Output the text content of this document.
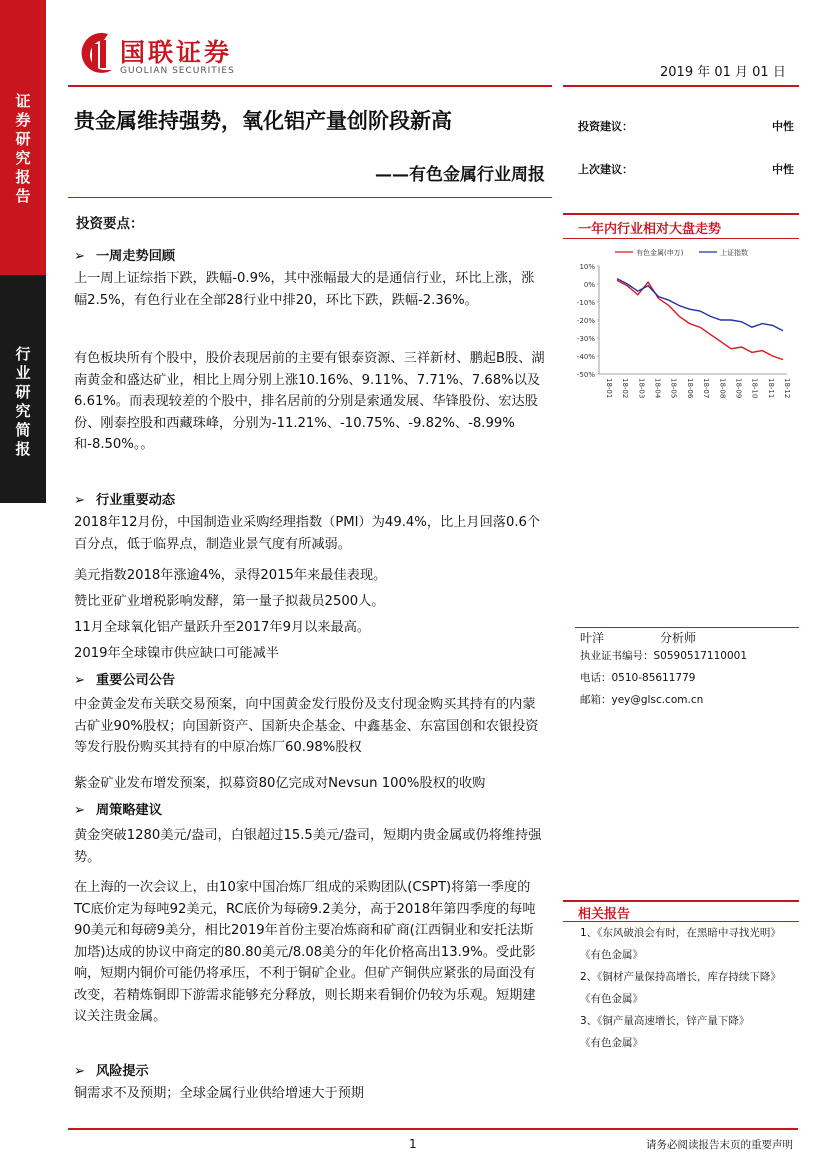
证
券
研
究
报
告
行
业
研
究
简
报
国联证券
GUOLIAN SECURITIES	2019 年 01 月 01 日
贵金属维持强势，氧化铝产量创阶段新高
——有色金属行业周报
投资建议：	中性
上次建议：	中性
投资要点：
➢ 一周走势回顾
上一周上证综指下跌，跌幅-0.9%，其中涨幅最大的是通信行业，环比上涨，涨幅2.5%，有色行业在全部28行业中排20，环比下跌，跌幅-2.36%。
有色板块所有个股中，股价表现居前的主要有银泰资源、三祥新材、鹏起B股、湖南黄金和盛达矿业，相比上周分别上涨10.16%、9.11%、7.71%、7.68%以及6.61%。而表现较差的个股中，排名居前的分别是索通发展、华锋股份、宏达股份、刚泰控股和西藏珠峰，分别为-11.21%、-10.75%、-9.82%、-8.99%和-8.50%。。
➢ 行业重要动态
2018年12月份，中国制造业采购经理指数（PMI）为49.4%，比上月回落0.6个百分点，低于临界点，制造业景气度有所减弱。
美元指数2018年涨逾4%，录得2015年来最佳表现。
赞比亚矿业增税影响发酵，第一量子拟裁员2500人。
11月全球氧化铝产量跃升至2017年9月以来最高。
2019年全球镍市供应缺口可能减半
➢ 重要公司公告
中金黄金发布关联交易预案，向中国黄金发行股份及支付现金购买其持有的内蒙古矿业90%股权；向国新资产、国新央企基金、中鑫基金、东富国创和农银投资等发行股份购买其持有的中原冶炼厂60.98%股权
紫金矿业发布增发预案，拟募资80亿完成对Nevsun 100%股权的收购
➢ 周策略建议
黄金突破1280美元/盎司，白银超过15.5美元/盎司，短期内贵金属或仍将维持强势。
在上海的一次会议上，由10家中国冶炼厂组成的采购团队(CSPT)将第一季度的TC底价定为每吨92美元，RC底价为每磅9.2美分，高于2018年第四季度的每吨90美元和每磅9美分，相比2019年首份主要冶炼商和矿商(江西铜业和安托法斯加塔)达成的协议中商定的80.80美元/8.08美分的年化价格高出13.9%。受此影响，短期内铜价可能仍将承压，不利于铜矿企业。但矿产铜供应紧张的局面没有改变，若精炼铜即下游需求能够充分释放，则长期来看铜价仍较为乐观。短期建议关注贵金属。
➢ 风险提示
铜需求不及预期；全球金属行业供给增速大于预期
一年内行业相对大盘走势
10%
0%
-10%
-20%
-30%
-40%
-50%
18-01 18-02 18-03 18-04 18-05 18-06 18-07 18-08 18-09 18-10 18-11 18-12
有色金属(申万)	上证指数
叶洋	分析师
执业证书编号：S0590517110001
电话：0510-85611779
邮箱：yey@glsc.com.cn
相关报告
1、《东风破浪会有时，在黑暗中寻找光明》
《有色金属》
2、《铜材产量保持高增长，库存持续下降》
《有色金属》
3、《铜产量高速增长，锌产量下降》
《有色金属》
1	请务必阅读报告末页的重要声明
